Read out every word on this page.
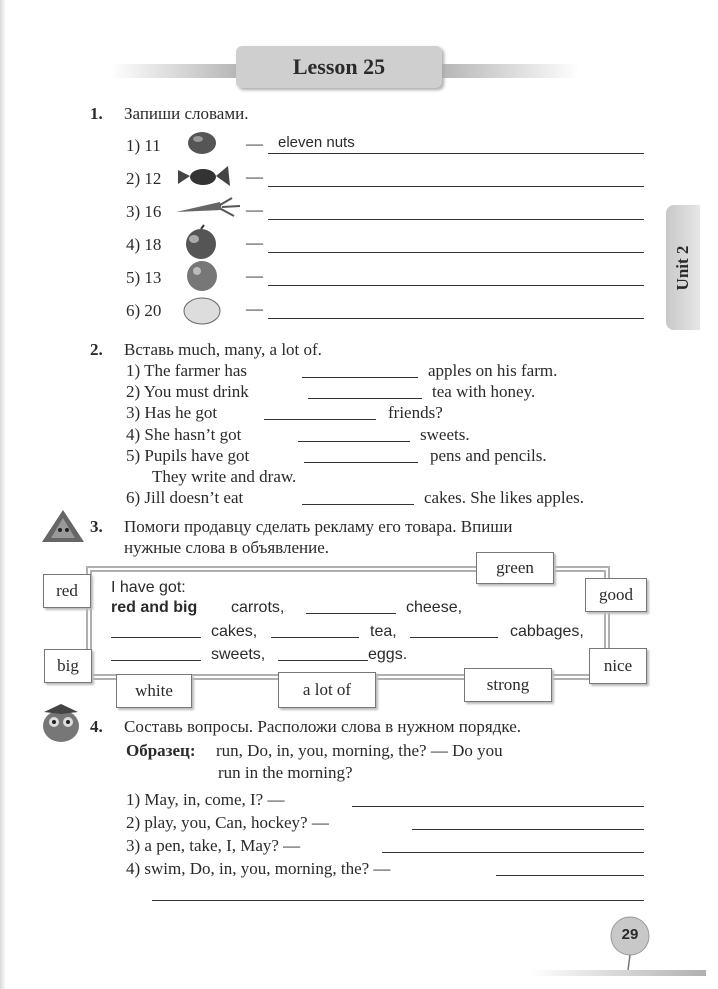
Lesson 25
Unit 2
1. Запиши словами.
1) 11	— eleven nuts
2) 12	—
3) 16	—
4) 18	—
5) 13	—
6) 20	—
2. Вставь much, many, a lot of.
1) The farmer has	apples on his farm.
2) You must drink	tea with honey.
3) Has he got	friends?
4) She hasn’t got	sweets.
5) Pupils have got	pens and pencils.
They write and draw.
6) Jill doesn’t eat	cakes. She likes apples.
3. Помоги продавцу сделать рекламу его товара. Впиши
нужные слова в объявление.
I have got:
red and big carrots,	cheese,
cakes,	tea,	cabbages,
sweets,	eggs.
red
green
good
big	nice
white	a lot of	strong
4. Составь вопросы. Расположи слова в нужном порядке.
Образец: run, Do, in, you, morning, the? — Do you
run in the morning?
1) May, in, come, I? —
2) play, you, Can, hockey? —
3) a pen, take, I, May? —
4) swim, Do, in, you, morning, the? —
29
